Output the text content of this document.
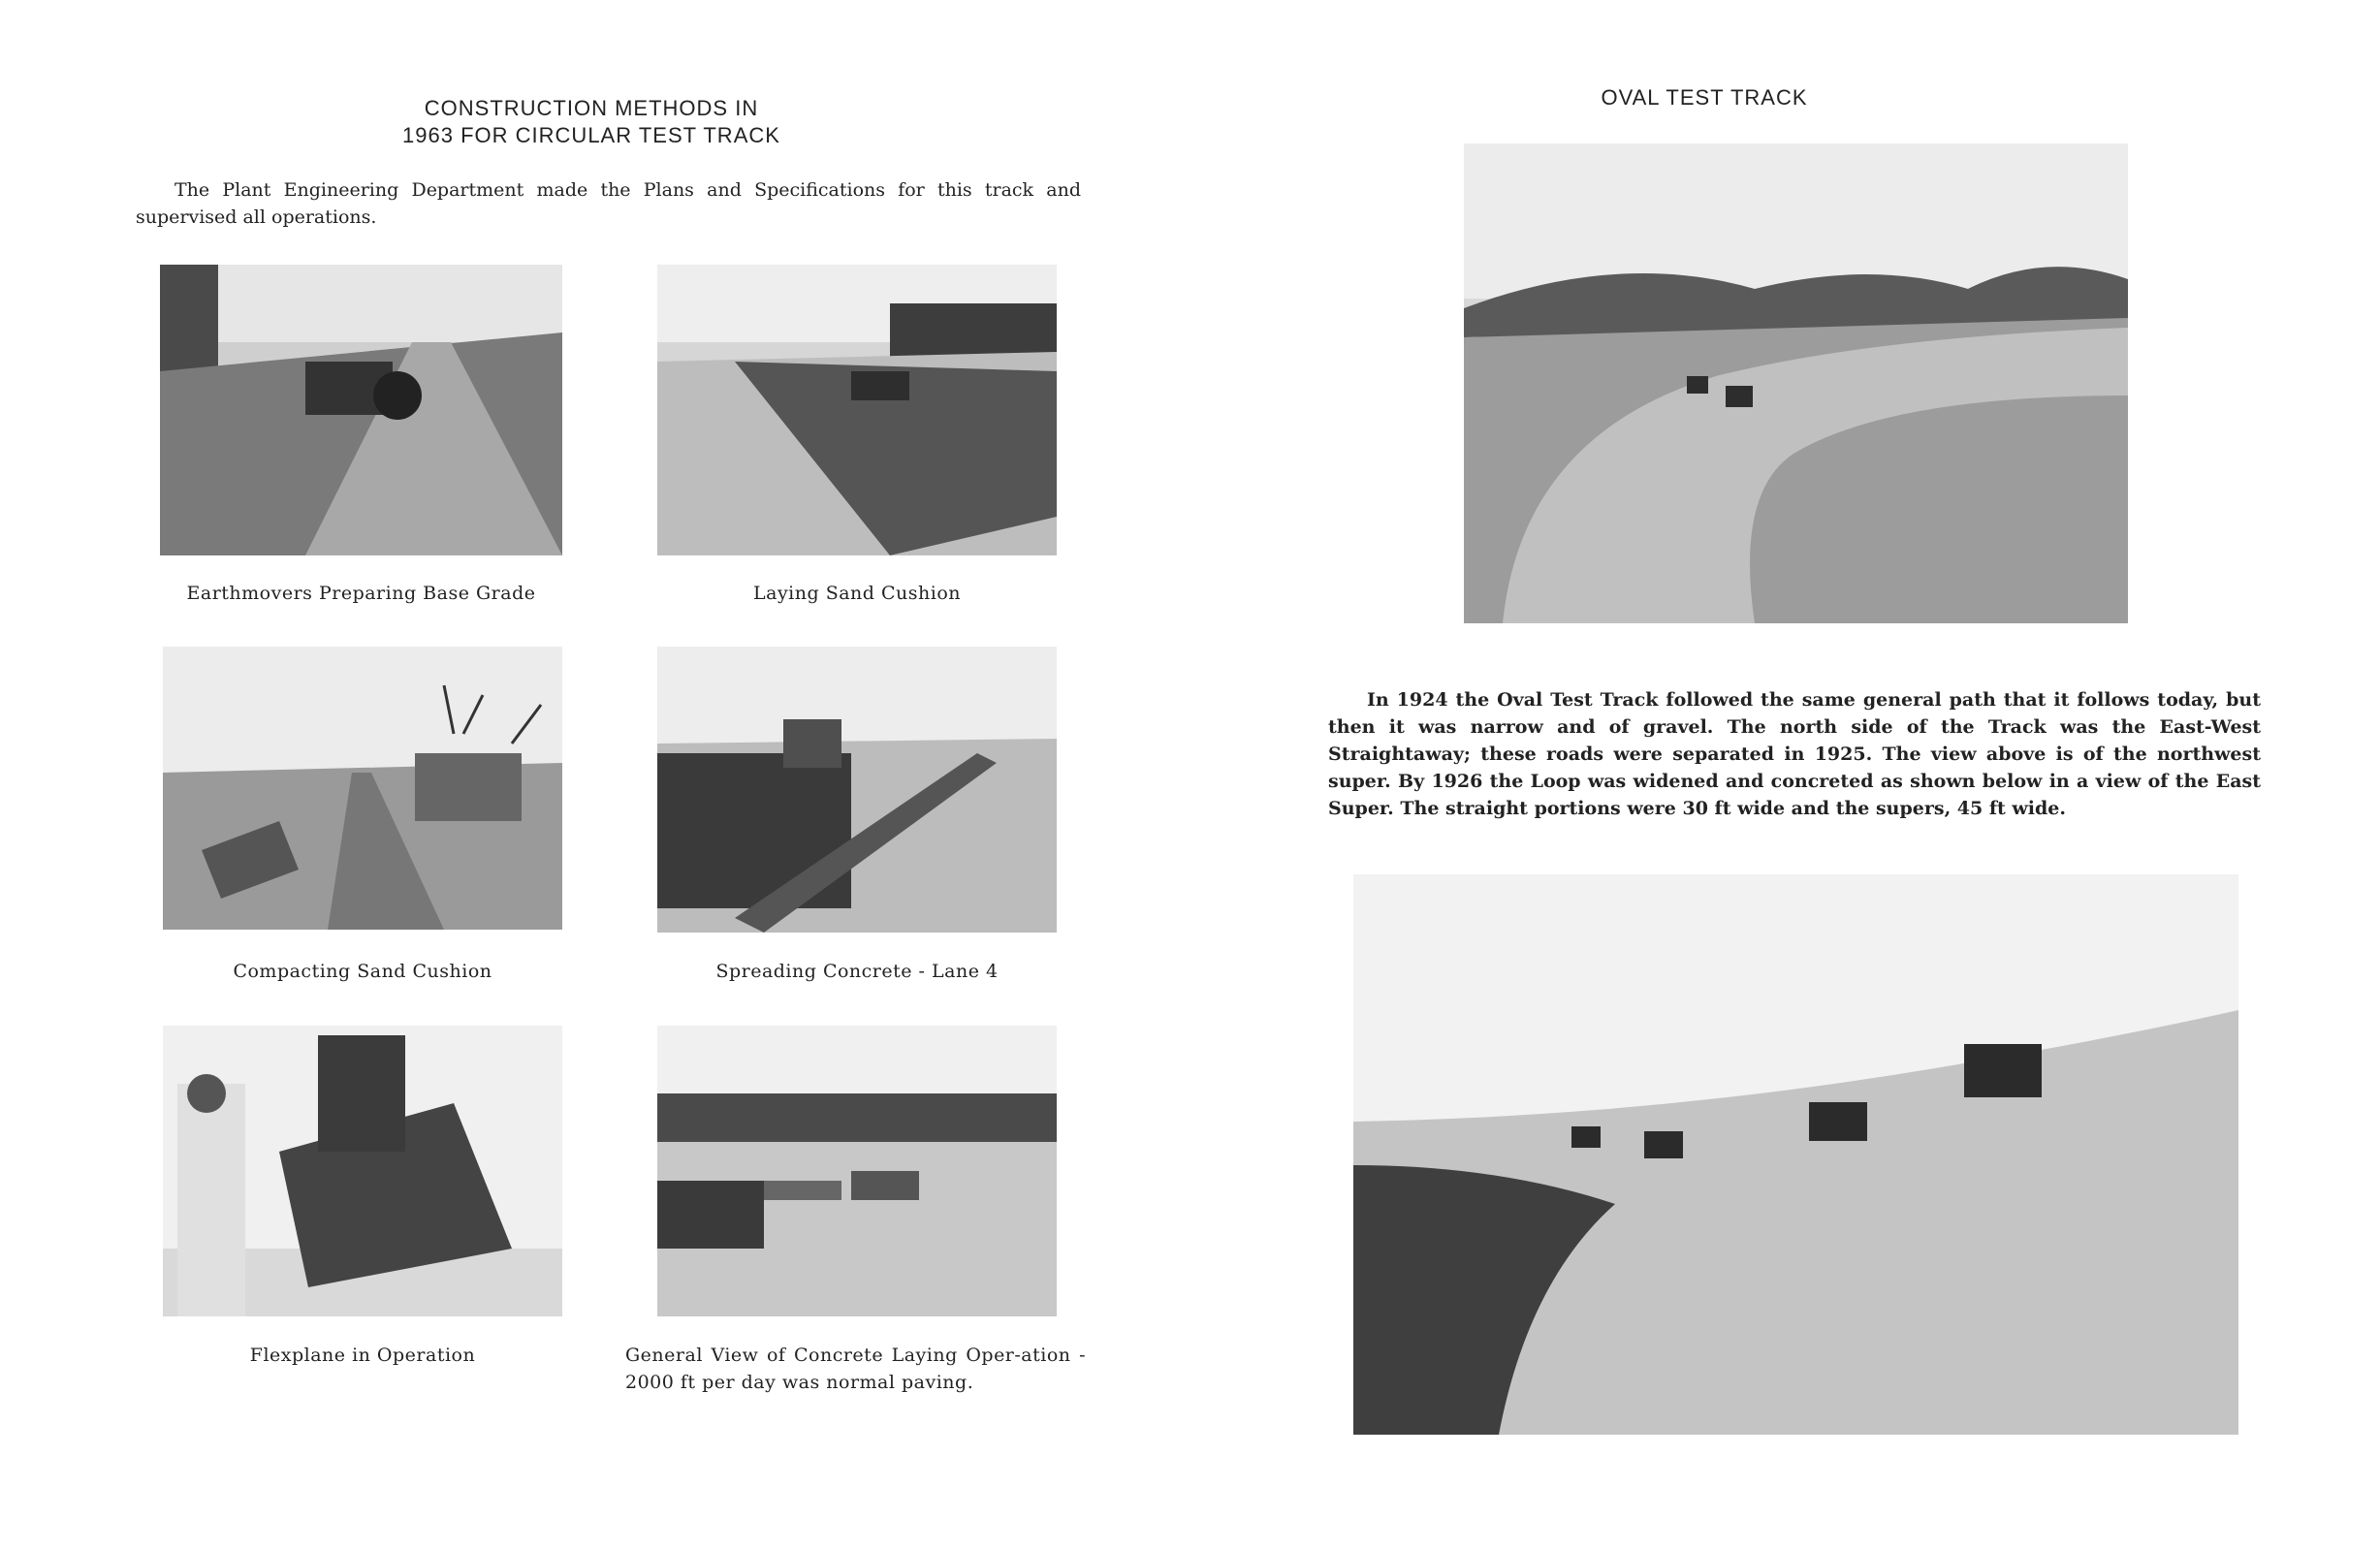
CONSTRUCTION METHODS IN
1963 FOR CIRCULAR TEST TRACK
The Plant Engineering Department made the Plans and Specifications for this track and supervised all operations.
Earthmovers Preparing Base Grade	Laying Sand Cushion
Compacting Sand Cushion	Spreading Concrete - Lane 4
Flexplane in Operation	General View of Concrete Laying Oper-ation - 2000 ft per day was normal paving.
OVAL TEST TRACK
In 1924 the Oval Test Track followed the same general path that it follows today, but then it was narrow and of gravel. The north side of the Track was the East-West Straightaway; these roads were separated in 1925. The view above is of the northwest super. By 1926 the Loop was widened and concreted as shown below in a view of the East Super. The straight portions were 30 ft wide and the supers, 45 ft wide.
